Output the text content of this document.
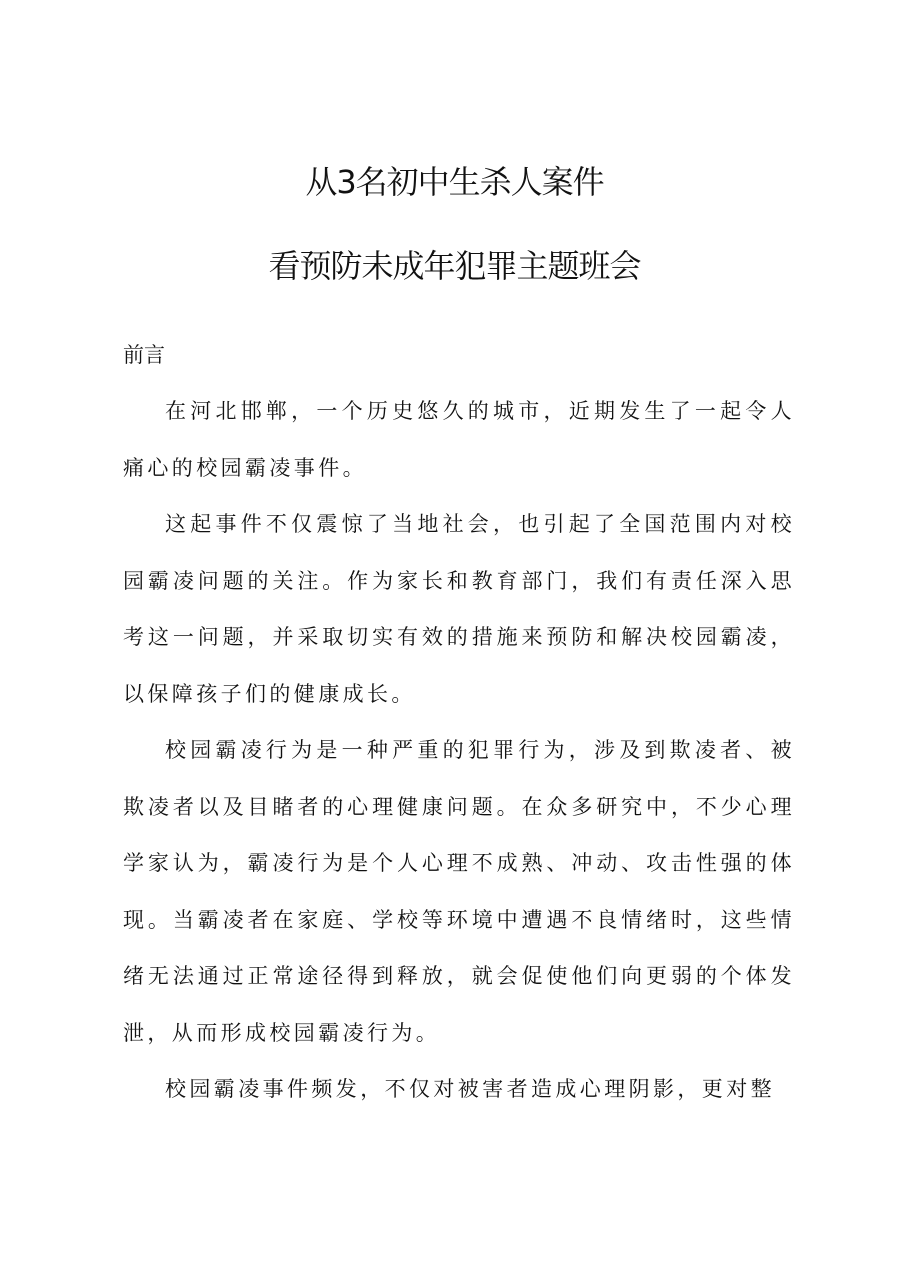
从3名初中生杀人案件
看预防未成年犯罪主题班会
前言

在河北邯郸，一个历史悠久的城市，近期发生了一起令人痛心的校园霸凌事件。

这起事件不仅震惊了当地社会，也引起了全国范围内对校园霸凌问题的关注。作为家长和教育部门，我们有责任深入思考这一问题，并采取切实有效的措施来预防和解决校园霸凌，以保障孩子们的健康成长。

校园霸凌行为是一种严重的犯罪行为，涉及到欺凌者、被欺凌者以及目睹者的心理健康问题。在众多研究中，不少心理学家认为，霸凌行为是个人心理不成熟、冲动、攻击性强的体现。当霸凌者在家庭、学校等环境中遭遇不良情绪时，这些情绪无法通过正常途径得到释放，就会促使他们向更弱的个体发泄，从而形成校园霸凌行为。

校园霸凌事件频发，不仅对被害者造成心理阴影，更对整
